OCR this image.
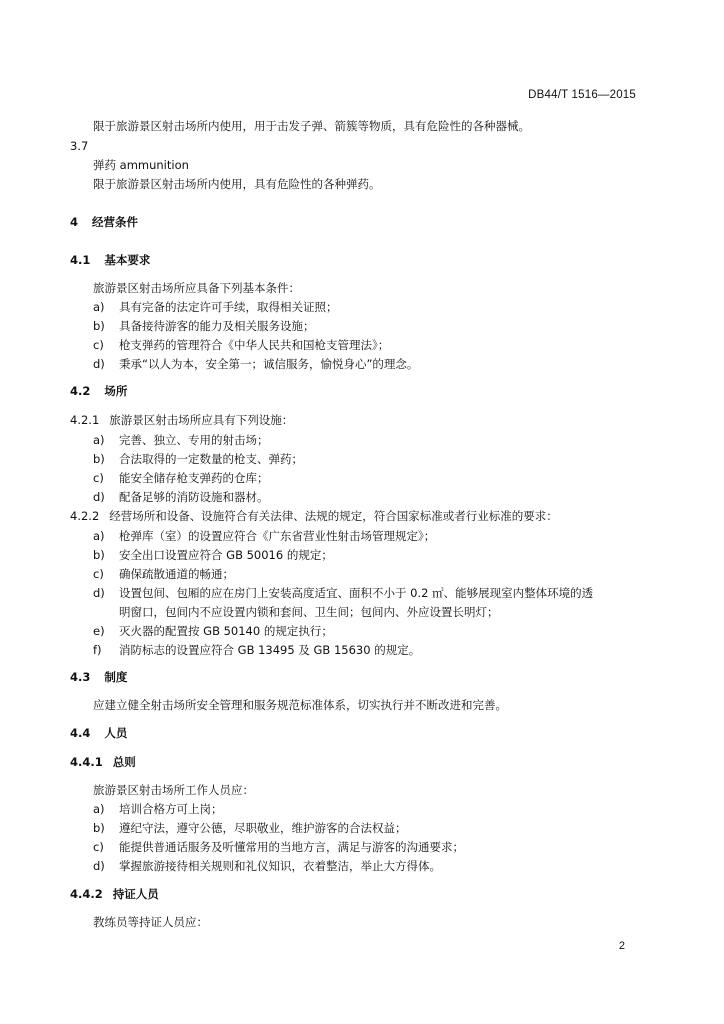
DB44/T 1516—2015
限于旅游景区射击场所内使用，用于击发子弹、箭簇等物质，具有危险性的各种器械。
3.7
弹药 ammunition
限于旅游景区射击场所内使用，具有危险性的各种弹药。
4 经营条件
4.1 基本要求
旅游景区射击场所应具备下列基本条件：
a) 具有完备的法定许可手续，取得相关证照；
b) 具备接待游客的能力及相关服务设施；
c) 枪支弹药的管理符合《中华人民共和国枪支管理法》；
d) 秉承“以人为本，安全第一；诚信服务，愉悦身心”的理念。
4.2 场所
4.2.1 旅游景区射击场所应具有下列设施：
a) 完善、独立、专用的射击场；
b) 合法取得的一定数量的枪支、弹药；
c) 能安全储存枪支弹药的仓库；
d) 配备足够的消防设施和器材。
4.2.2 经营场所和设备、设施符合有关法律、法规的规定，符合国家标准或者行业标准的要求：
a) 枪弹库（室）的设置应符合《广东省营业性射击场管理规定》；
b) 安全出口设置应符合 GB 50016 的规定；
c) 确保疏散通道的畅通；
d) 设置包间、包厢的应在房门上安装高度适宜、面积不小于 0.2 ㎡、能够展现室内整体环境的透
明窗口，包间内不应设置内锁和套间、卫生间；包间内、外应设置长明灯；
e) 灭火器的配置按 GB 50140 的规定执行；
f) 消防标志的设置应符合 GB 13495 及 GB 15630 的规定。
4.3 制度
应建立健全射击场所安全管理和服务规范标准体系，切实执行并不断改进和完善。
4.4 人员
4.4.1 总则
旅游景区射击场所工作人员应：
a) 培训合格方可上岗；
b) 遵纪守法，遵守公德，尽职敬业，维护游客的合法权益；
c) 能提供普通话服务及听懂常用的当地方言，满足与游客的沟通要求；
d) 掌握旅游接待相关规则和礼仪知识，衣着整洁，举止大方得体。
4.4.2 持证人员
教练员等持证人员应：
2
